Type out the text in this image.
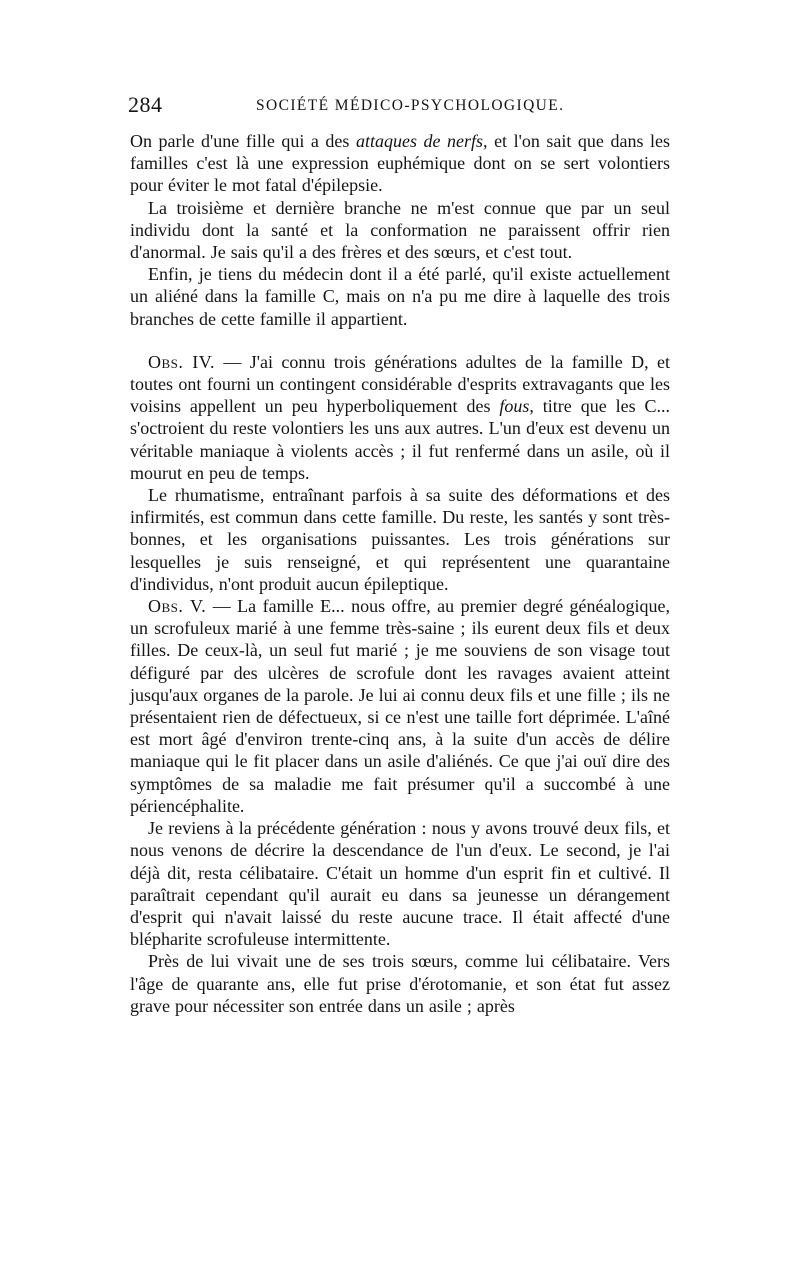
284	SOCIÉTÉ MÉDICO-PSYCHOLOGIQUE.

On parle d'une fille qui a des attaques de nerfs, et l'on sait que dans les familles c'est là une expression euphémique dont on se sert volontiers pour éviter le mot fatal d'épilepsie.

La troisième et dernière branche ne m'est connue que par un seul individu dont la santé et la conformation ne paraissent offrir rien d'anormal. Je sais qu'il a des frères et des sœurs, et c'est tout.

Enfin, je tiens du médecin dont il a été parlé, qu'il existe actuellement un aliéné dans la famille C, mais on n'a pu me dire à laquelle des trois branches de cette famille il appartient.

Obs. IV. — J'ai connu trois générations adultes de la famille D, et toutes ont fourni un contingent considérable d'esprits extravagants que les voisins appellent un peu hyperboliquement des fous, titre que les C... s'octroient du reste volontiers les uns aux autres. L'un d'eux est devenu un véritable maniaque à violents accès ; il fut renfermé dans un asile, où il mourut en peu de temps.

Le rhumatisme, entraînant parfois à sa suite des déformations et des infirmités, est commun dans cette famille. Du reste, les santés y sont très-bonnes, et les organisations puissantes. Les trois générations sur lesquelles je suis renseigné, et qui représentent une quarantaine d'individus, n'ont produit aucun épileptique.

Obs. V. — La famille E... nous offre, au premier degré généalogique, un scrofuleux marié à une femme très-saine ; ils eurent deux fils et deux filles. De ceux-là, un seul fut marié ; je me souviens de son visage tout défiguré par des ulcères de scrofule dont les ravages avaient atteint jusqu'aux organes de la parole. Je lui ai connu deux fils et une fille ; ils ne présentaient rien de défectueux, si ce n'est une taille fort déprimée. L'aîné est mort âgé d'environ trente-cinq ans, à la suite d'un accès de délire maniaque qui le fit placer dans un asile d'aliénés. Ce que j'ai ouï dire des symptômes de sa maladie me fait présumer qu'il a succombé à une périencéphalite.

Je reviens à la précédente génération : nous y avons trouvé deux fils, et nous venons de décrire la descendance de l'un d'eux. Le second, je l'ai déjà dit, resta célibataire. C'était un homme d'un esprit fin et cultivé. Il paraîtrait cependant qu'il aurait eu dans sa jeunesse un dérangement d'esprit qui n'avait laissé du reste aucune trace. Il était affecté d'une blépharite scrofuleuse intermittente.

Près de lui vivait une de ses trois sœurs, comme lui célibataire. Vers l'âge de quarante ans, elle fut prise d'érotomanie, et son état fut assez grave pour nécessiter son entrée dans un asile ; après
